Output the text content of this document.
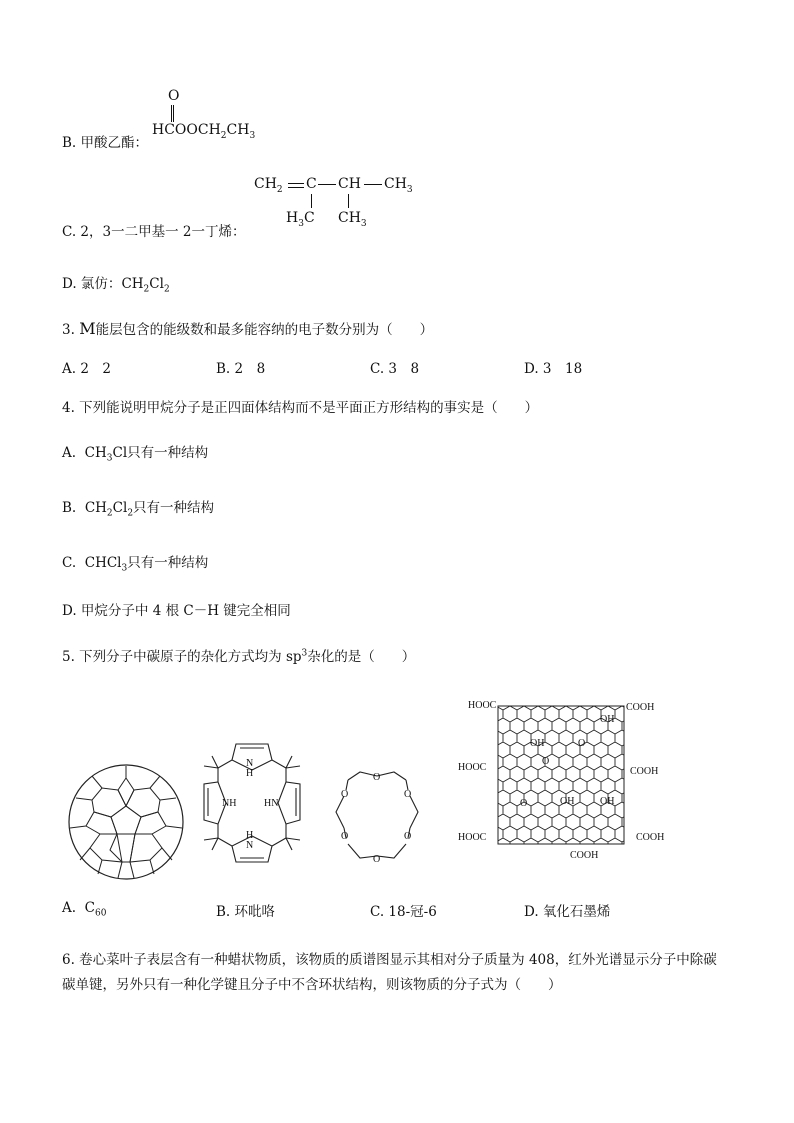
B. 甲酸乙酯：
O
$HCOOCH_2CH_3$
C. 2，3一二甲基一 2一丁烯：
$CH_2$ C CH $CH_3$
$H_3C$ $CH_3$
D. 氯仿：$CH_2Cl_2$
3. M能层包含的能级数和最多能容纳的电子数分别为（　　）
A. 2　2	B. 2　8	C. 3　8	D. 3　18
4. 下列能说明甲烷分子是正四面体结构而不是平面正方形结构的事实是（　　）
A. $CH_3Cl$只有一种结构
B. $CH_2Cl_2$只有一种结构
C. CHCl$_3$只有一种结构
D. 甲烷分子中 4 根 C－H 键完全相同
5. 下列分子中碳原子的杂化方式均为 $sp^3$杂化的是（　　）
N
H
NH	HN
H
N
O	O
O	O
O
O
HOOC	COOH
HOOC	COOH
HOOC	COOH
COOH
OH
OH
OH	OH
O
O
O
A. $C_{60}$	B. 环吡咯	C. 18-冠-6	D. 氧化石墨烯
6. 卷心菜叶子表层含有一种蜡状物质，该物质的质谱图显示其相对分子质量为 408，红外光谱显示分子中除碳
碳单键，另外只有一种化学键且分子中不含环状结构，则该物质的分子式为（　　）
